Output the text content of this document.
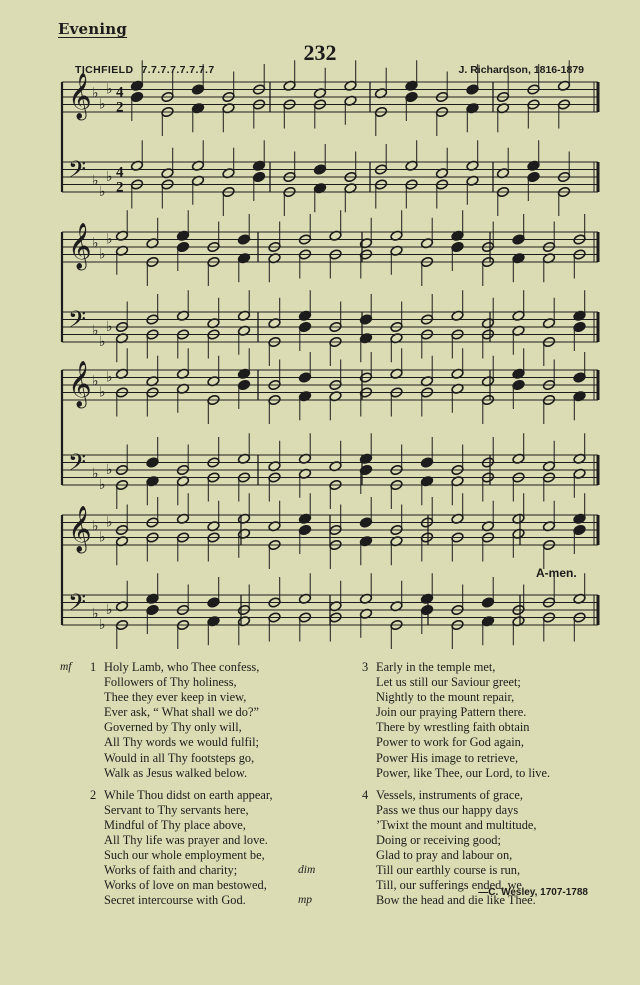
Evening
232
TICHFIELD 7.7.7.7.7.7.7.7	J. Richardson, 1816-1879
𝄞 ♭
♭
♭ 4
2
𝄢 ♭
♭
♭ 4
2
𝄞 ♭
♭
♭
𝄢 ♭
♭
♭
𝄞 ♭
♭
♭
𝄢 ♭
♭
♭
𝄞 ♭
♭
♭
𝄢 ♭
♭
♭
A-men.
mf 1 Holy Lamb, who Thee confess,
Followers of Thy holiness,
Thee they ever keep in view,
Ever ask, “ What shall we do?”
Governed by Thy only will,
All Thy words we would fulfil;
Would in all Thy footsteps go,
Walk as Jesus walked below.
2 While Thou didst on earth appear,
Servant to Thy servants here,
Mindful of Thy place above,
All Thy life was prayer and love.
Such our whole employment be,
Works of faith and charity;
Works of love on man bestowed,
Secret intercourse with God.
3 Early in the temple met,
Let us still our Saviour greet;
Nightly to the mount repair,
Join our praying Pattern there.
There by wrestling faith obtain
Power to work for God again,
Power His image to retrieve,
Power, like Thee, our Lord, to live.
4 Vessels, instruments of grace,
Pass we thus our happy days
’Twixt the mount and multitude,
Doing or receiving good;
Glad to pray and labour on,
dim	Till our earthly course is run,
Till, our sufferings ended, we
mp	Bow the head and die like Thee.
—C. Wesley, 1707-1788
